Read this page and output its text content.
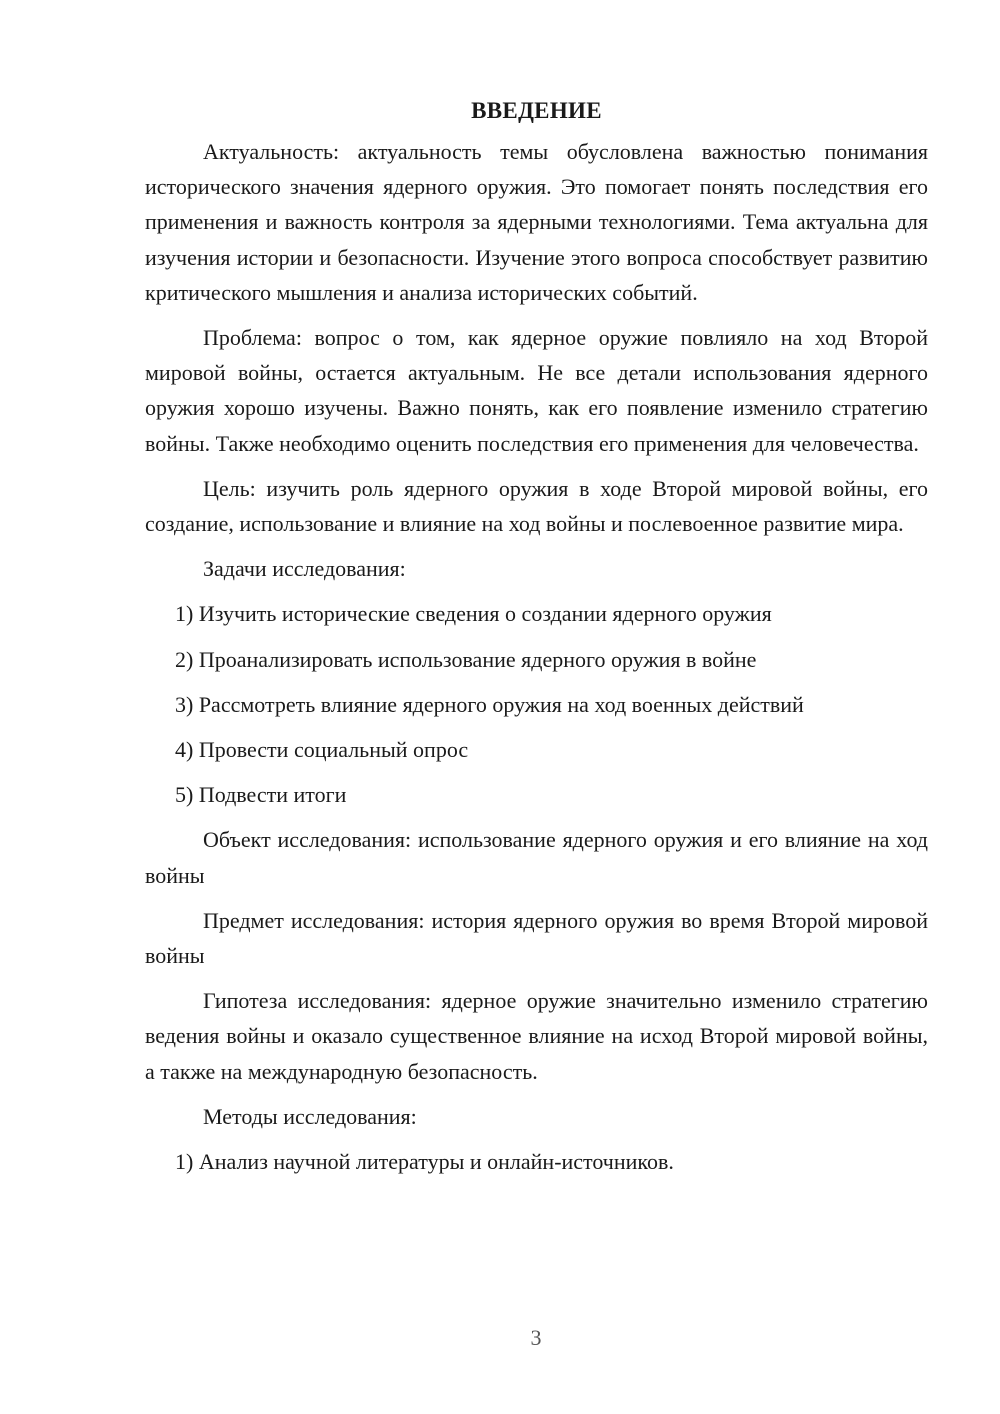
ВВЕДЕНИЕ

Актуальность: актуальность темы обусловлена важностью понимания исторического значения ядерного оружия. Это помогает понять последствия его применения и важность контроля за ядерными технологиями. Тема актуальна для изучения истории и безопасности. Изучение этого вопроса способствует развитию критического мышления и анализа исторических событий.

Проблема: вопрос о том, как ядерное оружие повлияло на ход Второй мировой войны, остается актуальным. Не все детали использования ядерного оружия хорошо изучены. Важно понять, как его появление изменило стратегию войны. Также необходимо оценить последствия его применения для человечества.

Цель: изучить роль ядерного оружия в ходе Второй мировой войны, его создание, использование и влияние на ход войны и послевоенное развитие мира.

Задачи исследования:

1) Изучить исторические сведения о создании ядерного оружия

2) Проанализировать использование ядерного оружия в войне

3) Рассмотреть влияние ядерного оружия на ход военных действий

4) Провести социальный опрос

5) Подвести итоги

Объект исследования: использование ядерного оружия и его влияние на ход войны

Предмет исследования: история ядерного оружия во время Второй мировой войны

Гипотеза исследования: ядерное оружие значительно изменило стратегию ведения войны и оказало существенное влияние на исход Второй мировой войны, а также на международную безопасность.

Методы исследования:

1) Анализ научной литературы и онлайн-источников.

3
